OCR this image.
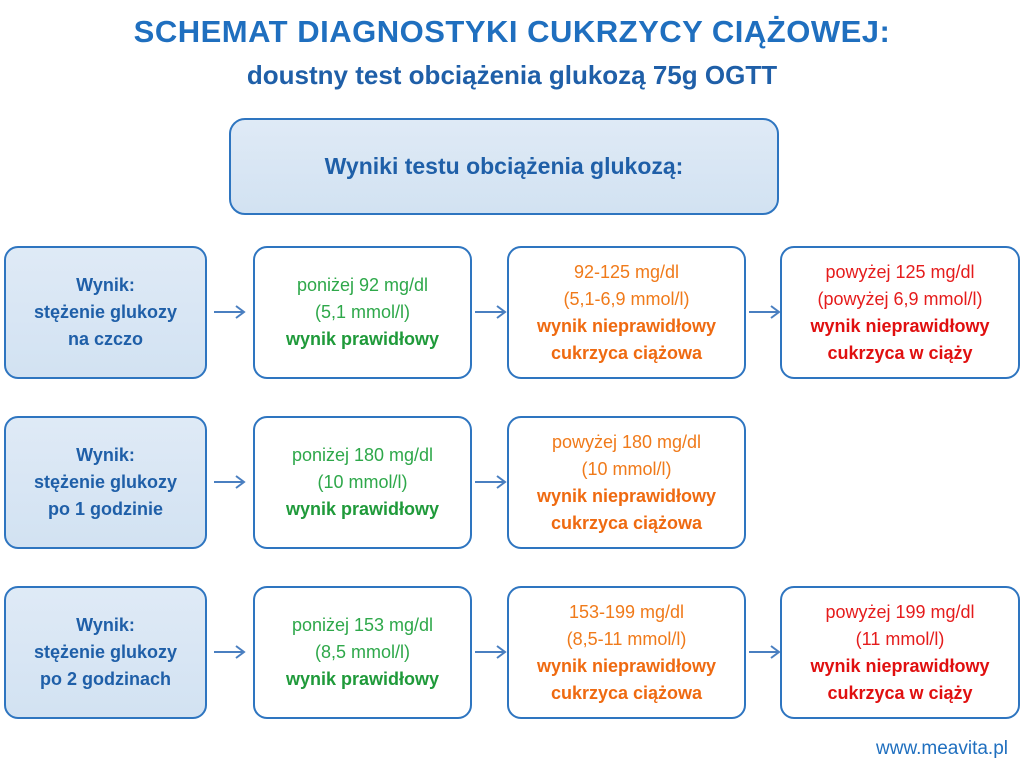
SCHEMAT DIAGNOSTYKI CUKRZYCY CIĄŻOWEJ:
doustny test obciążenia glukozą 75g OGTT
Wyniki testu obciążenia glukozą:
Wynik:
stężenie glukozy
na czczo
poniżej 92 mg/dl
(5,1 mmol/l)
wynik prawidłowy
92-125 mg/dl
(5,1-6,9 mmol/l)
wynik nieprawidłowy
cukrzyca ciążowa
powyżej 125 mg/dl
(powyżej 6,9 mmol/l)
wynik nieprawidłowy
cukrzyca w ciąży
Wynik:
stężenie glukozy
po 1 godzinie
poniżej 180 mg/dl
(10 mmol/l)
wynik prawidłowy
powyżej 180 mg/dl
(10 mmol/l)
wynik nieprawidłowy
cukrzyca ciążowa
Wynik:
stężenie glukozy
po 2 godzinach
poniżej 153 mg/dl
(8,5 mmol/l)
wynik prawidłowy
153-199 mg/dl
(8,5-11 mmol/l)
wynik nieprawidłowy
cukrzyca ciążowa
powyżej 199 mg/dl
(11 mmol/l)
wynik nieprawidłowy
cukrzyca w ciąży
www.meavita.pl
